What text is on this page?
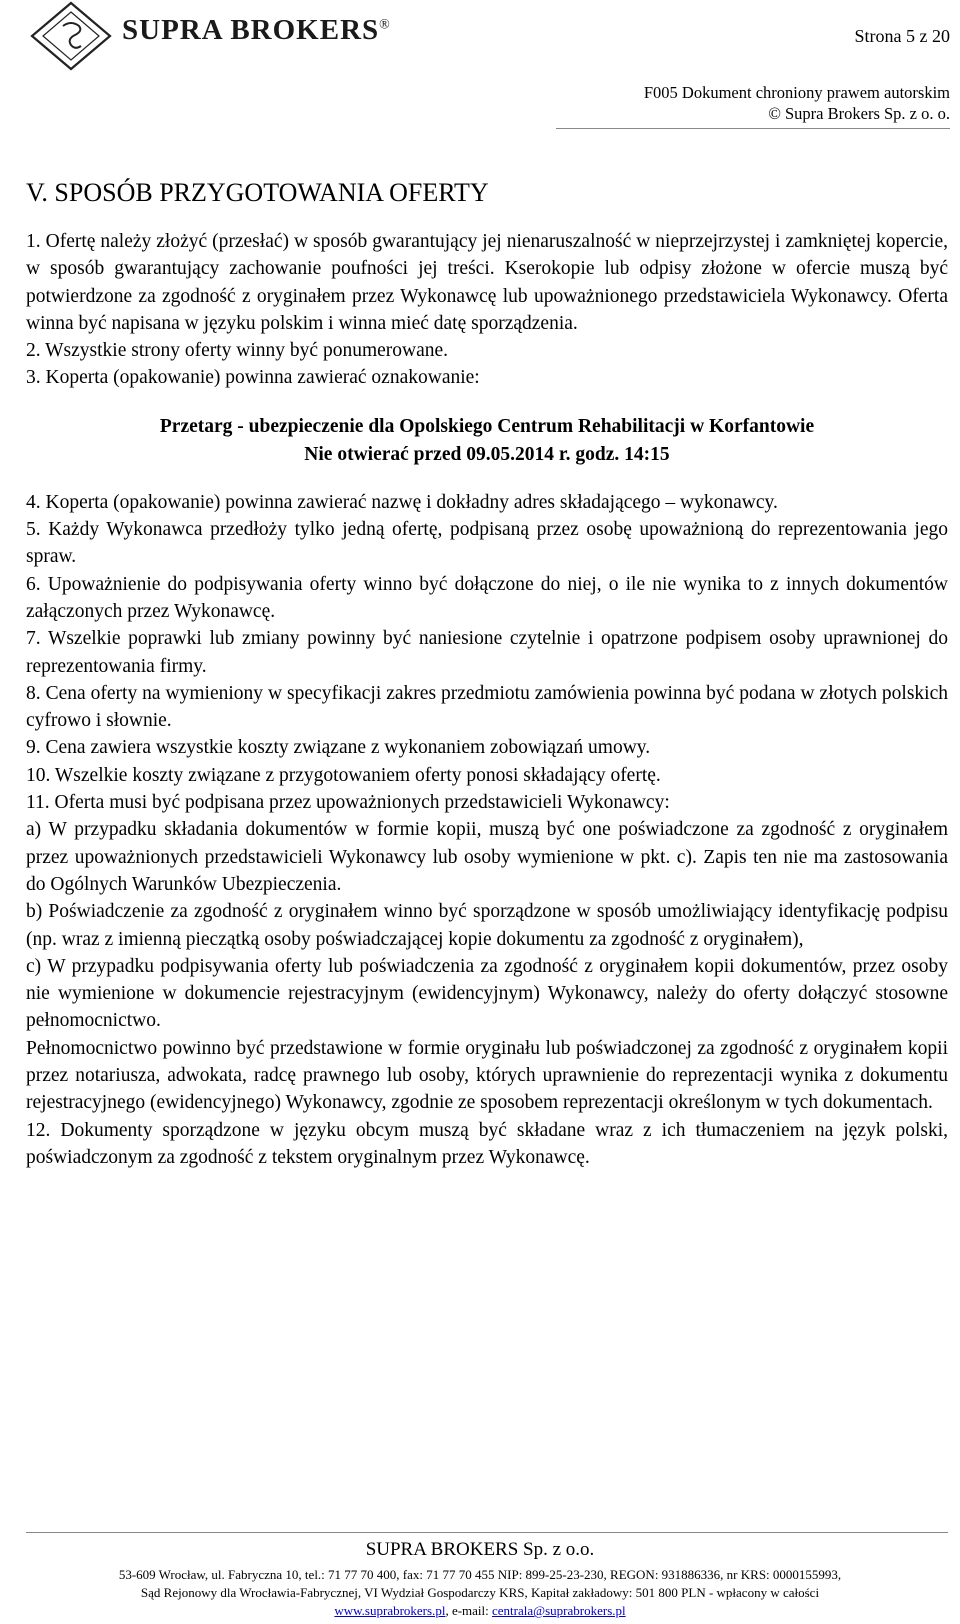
SUPRA BROKERS®
Strona 5 z 20
F005 Dokument chroniony prawem autorskim
© Supra Brokers Sp. z o. o.
V. SPOSÓB PRZYGOTOWANIA OFERTY

1. Ofertę należy złożyć (przesłać) w sposób gwarantujący jej nienaruszalność w nieprzejrzystej i zamkniętej kopercie, w sposób gwarantujący zachowanie poufności jej treści. Kserokopie lub odpisy złożone w ofercie muszą być potwierdzone za zgodność z oryginałem przez Wykonawcę lub upoważnionego przedstawiciela Wykonawcy. Oferta winna być napisana w języku polskim i winna mieć datę sporządzenia.

2. Wszystkie strony oferty winny być ponumerowane.

3. Koperta (opakowanie) powinna zawierać oznakowanie:

Przetarg - ubezpieczenie dla Opolskiego Centrum Rehabilitacji w Korfantowie
Nie otwierać przed 09.05.2014 r. godz. 14:15

4. Koperta (opakowanie) powinna zawierać nazwę i dokładny adres składającego – wykonawcy.

5. Każdy Wykonawca przedłoży tylko jedną ofertę, podpisaną przez osobę upoważnioną do reprezentowania jego spraw.

6. Upoważnienie do podpisywania oferty winno być dołączone do niej, o ile nie wynika to z innych dokumentów załączonych przez Wykonawcę.

7. Wszelkie poprawki lub zmiany powinny być naniesione czytelnie i opatrzone podpisem osoby uprawnionej do reprezentowania firmy.

8. Cena oferty na wymieniony w specyfikacji zakres przedmiotu zamówienia powinna być podana w złotych polskich cyfrowo i słownie.

9. Cena zawiera wszystkie koszty związane z wykonaniem zobowiązań umowy.

10. Wszelkie koszty związane z przygotowaniem oferty ponosi składający ofertę.

11. Oferta musi być podpisana przez upoważnionych przedstawicieli Wykonawcy:

a) W przypadku składania dokumentów w formie kopii, muszą być one poświadczone za zgodność z oryginałem przez upoważnionych przedstawicieli Wykonawcy lub osoby wymienione w pkt. c). Zapis ten nie ma zastosowania do Ogólnych Warunków Ubezpieczenia.

b) Poświadczenie za zgodność z oryginałem winno być sporządzone w sposób umożliwiający identyfikację podpisu (np. wraz z imienną pieczątką osoby poświadczającej kopie dokumentu za zgodność z oryginałem),

c) W przypadku podpisywania oferty lub poświadczenia za zgodność z oryginałem kopii dokumentów, przez osoby nie wymienione w dokumencie rejestracyjnym (ewidencyjnym) Wykonawcy, należy do oferty dołączyć stosowne pełnomocnictwo.

Pełnomocnictwo powinno być przedstawione w formie oryginału lub poświadczonej za zgodność z oryginałem kopii przez notariusza, adwokata, radcę prawnego lub osoby, których uprawnienie do reprezentacji wynika z dokumentu rejestracyjnego (ewidencyjnego) Wykonawcy, zgodnie ze sposobem reprezentacji określonym w tych dokumentach.

12. Dokumenty sporządzone w języku obcym muszą być składane wraz z ich tłumaczeniem na język polski, poświadczonym za zgodność z tekstem oryginalnym przez Wykonawcę.

SUPRA BROKERS Sp. z o.o.
53-609 Wrocław, ul. Fabryczna 10, tel.: 71 77 70 400, fax: 71 77 70 455 NIP: 899-25-23-230, REGON: 931886336, nr KRS: 0000155993,
Sąd Rejonowy dla Wrocławia-Fabrycznej, VI Wydział Gospodarczy KRS, Kapitał zakładowy: 501 800 PLN - wpłacony w całości
www.suprabrokers.pl, e-mail: centrala@suprabrokers.pl
